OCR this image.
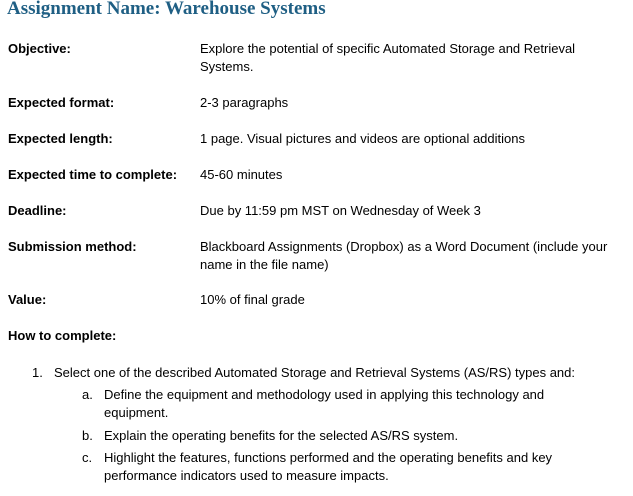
Assignment Name: Warehouse Systems
Objective:	Explore the potential of specific Automated Storage and Retrieval Systems.
Expected format:	2-3 paragraphs
Expected length:	1 page. Visual pictures and videos are optional additions
Expected time to complete: 45-60 minutes
Deadline:	Due by 11:59 pm MST on Wednesday of Week 3
Submission method:	Blackboard Assignments (Dropbox) as a Word Document (include your name in the file name)
Value:	10% of final grade
How to complete:
1. Select one of the described Automated Storage and Retrieval Systems (AS/RS) types and:
a. Define the equipment and methodology used in applying this technology and equipment.
b. Explain the operating benefits for the selected AS/RS system.
c. Highlight the features, functions performed and the operating benefits and key performance indicators used to measure impacts.
